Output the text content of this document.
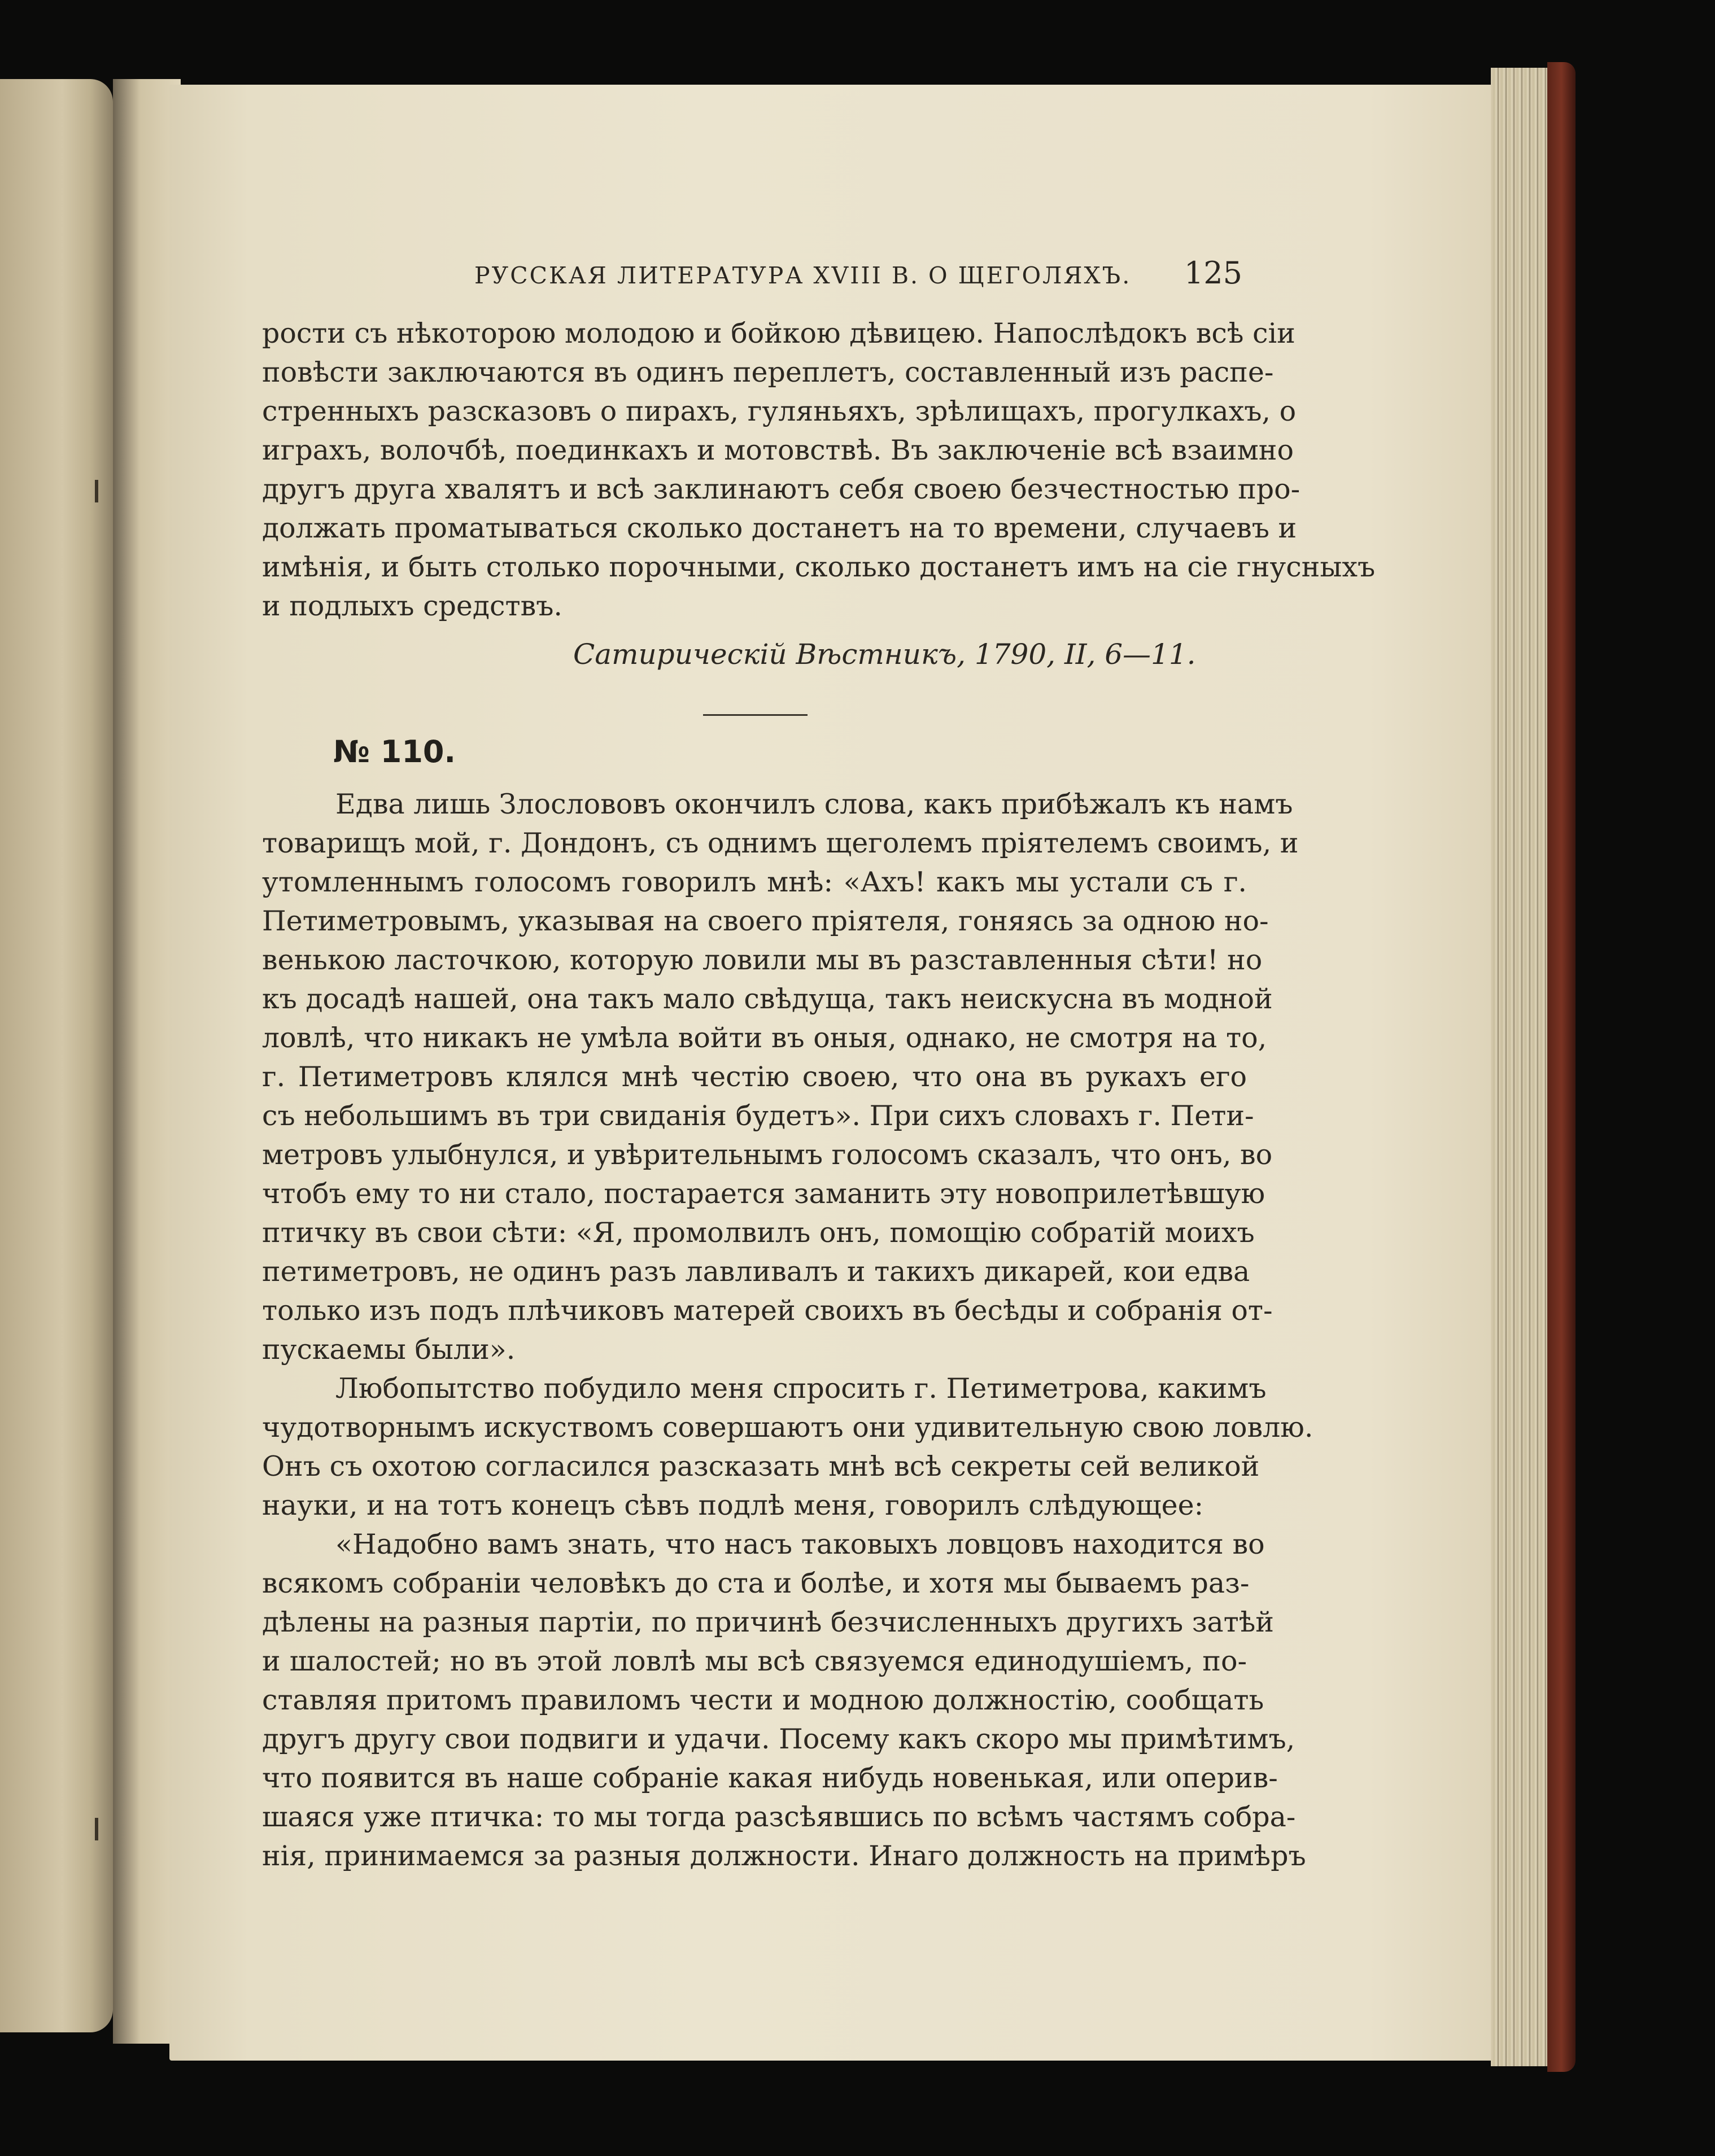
РУССКАЯ ЛИТЕРАТУРА XVIII В. О ЩЕГОЛЯХЪ. 125
рости съ нѣкоторою молодою и бойкою дѣвицею. Напослѣдокъ всѣ сіи
повѣсти заключаются въ одинъ переплетъ, составленный изъ распе-
стренныхъ разсказовъ о пирахъ, гуляньяхъ, зрѣлищахъ, прогулкахъ, о
играхъ, волочбѣ, поединкахъ и мотовствѣ. Въ заключеніе всѣ взаимно
другъ друга хвалятъ и всѣ заклинаютъ себя своею безчестностью про-
должать проматываться сколько достанетъ на то времени, случаевъ и
имѣнія, и быть столько порочными, сколько достанетъ имъ на сіе гнусныхъ
и подлыхъ средствъ.
Сатирическій Вѣстникъ, 1790, II, 6—11.
№ 110.
Едва лишь Злослововъ окончилъ слова, какъ прибѣжалъ къ намъ
товарищъ мой, г. Дондонъ, съ однимъ щеголемъ пріятелемъ своимъ, и
утомленнымъ голосомъ говорилъ мнѣ: «Ахъ! какъ мы устали съ г.
Петиметровымъ, указывая на своего пріятеля, гоняясь за одною но-
венькою ласточкою, которую ловили мы въ разставленныя сѣти! но
къ досадѣ нашей, она такъ мало свѣдуща, такъ неискусна въ модной
ловлѣ, что никакъ не умѣла войти въ оныя, однако, не смотря на то,
г. Петиметровъ клялся мнѣ честію своею, что она въ рукахъ его
съ небольшимъ въ три свиданія будетъ». При сихъ словахъ г. Пети-
метровъ улыбнулся, и увѣрительнымъ голосомъ сказалъ, что онъ, во
чтобъ ему то ни стало, постарается заманить эту новоприлетѣвшую
птичку въ свои сѣти: «Я, промолвилъ онъ, помощію собратій моихъ
петиметровъ, не одинъ разъ лавливалъ и такихъ дикарей, кои едва
только изъ подъ плѣчиковъ матерей своихъ въ бесѣды и собранія от-
пускаемы были».
Любопытство побудило меня спросить г. Петиметрова, какимъ
чудотворнымъ искуствомъ совершаютъ они удивительную свою ловлю.
Онъ съ охотою согласился разсказать мнѣ всѣ секреты сей великой
науки, и на тотъ конецъ сѣвъ подлѣ меня, говорилъ слѣдующее:
«Надобно вамъ знать, что насъ таковыхъ ловцовъ находится во
всякомъ собраніи человѣкъ до ста и болѣе, и хотя мы бываемъ раз-
дѣлены на разныя партіи, по причинѣ безчисленныхъ другихъ затѣй
и шалостей; но въ этой ловлѣ мы всѣ связуемся единодушіемъ, по-
ставляя притомъ правиломъ чести и модною должностію, сообщать
другъ другу свои подвиги и удачи. Посему какъ скоро мы примѣтимъ,
что появится въ наше собраніе какая нибудь новенькая, или оперив-
шаяся уже птичка: то мы тогда разсѣявшись по всѣмъ частямъ собра-
нія, принимаемся за разныя должности. Инаго должность на примѣръ
